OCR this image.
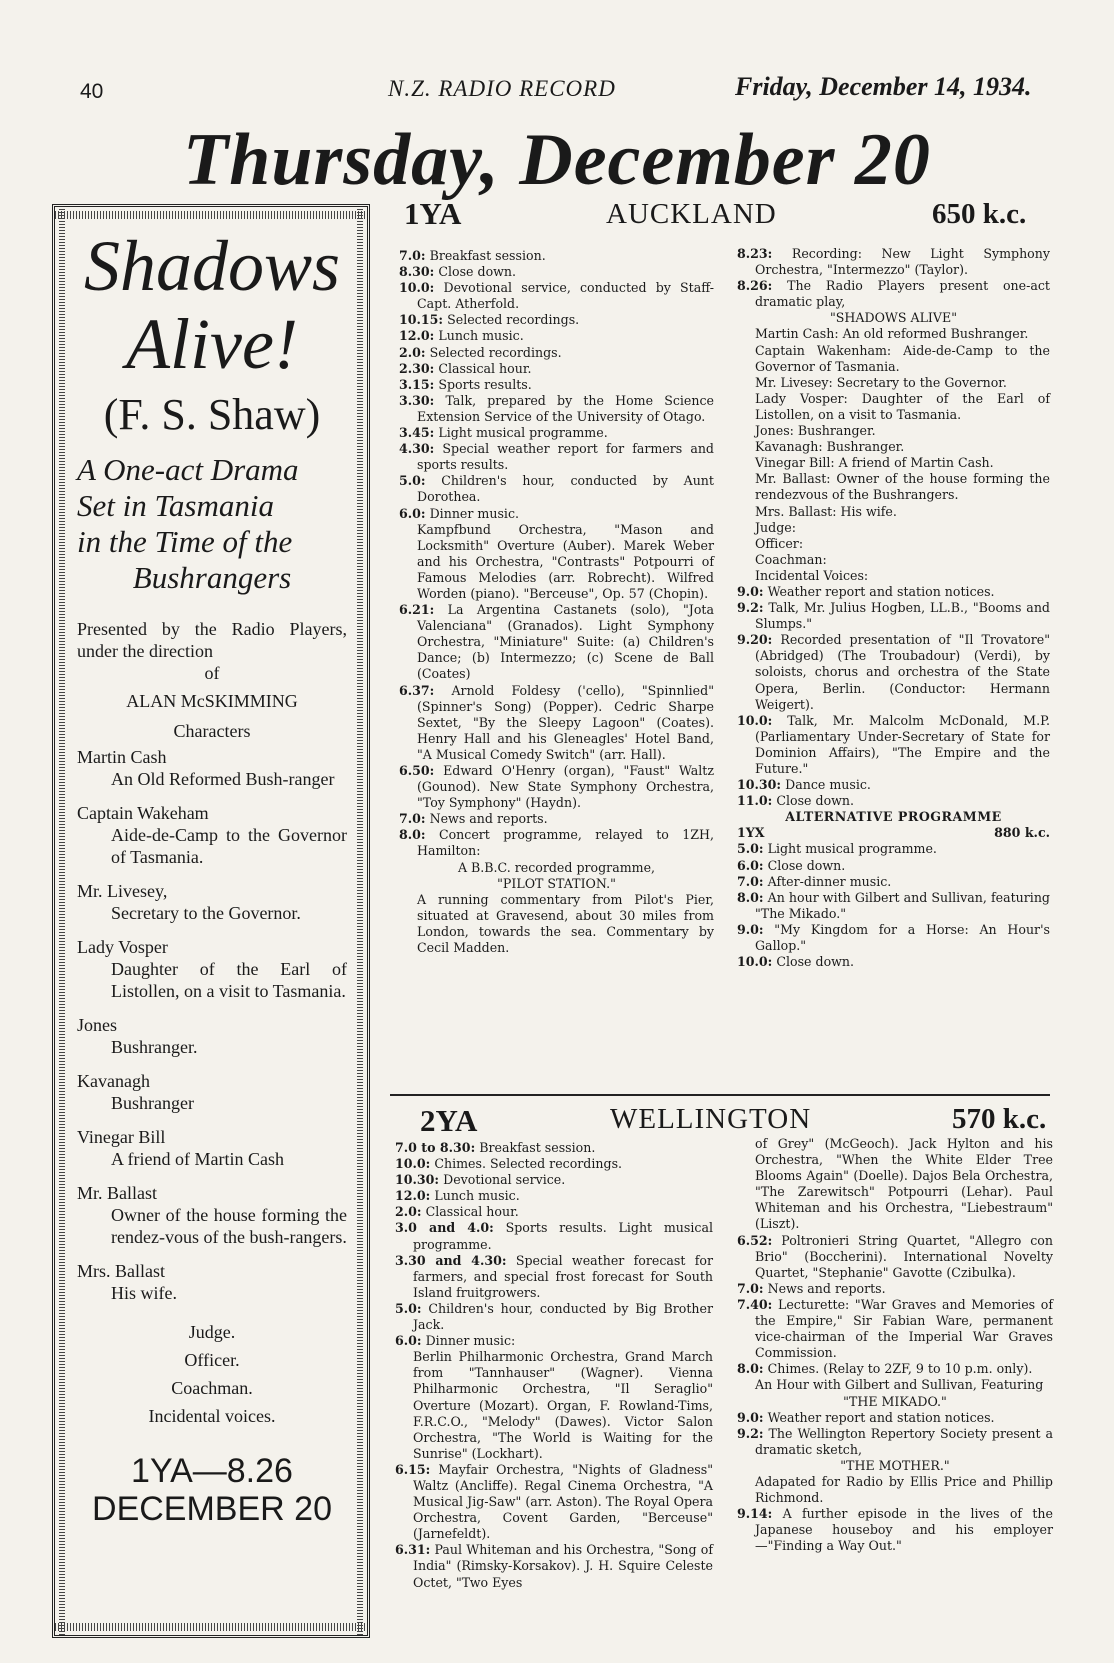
40	N.Z. RADIO RECORD	Friday, December 14, 1934.
Thursday, December 20

Shadows
Alive!

(F. S. Shaw)

A One-act Drama
Set in Tasmania
in the Time of the

Bushrangers

Presented by the Radio Players, under the direction
of
ALAN McSKIMMING
Characters
Martin Cash
An Old Reformed Bush-ranger
Captain Wakeham
Aide-de-Camp to the Governor of Tasmania.
Mr. Livesey,
Secretary to the Governor.
Lady Vosper
Daughter of the Earl of Listollen, on a visit to Tasmania.
Jones
Bushranger.
Kavanagh
Bushranger
Vinegar Bill
A friend of Martin Cash
Mr. Ballast
Owner of the house forming the rendez-vous of the bush-rangers.
Mrs. Ballast
His wife.
Judge.
Officer.
Coachman.
Incidental voices.
1YA—8.26
DECEMBER 20
1YA	AUCKLAND	650 k.c.
7.0: Breakfast session.
8.30: Close down.
10.0: Devotional service, conducted by Staff-Capt. Atherfold.
10.15: Selected recordings.
12.0: Lunch music.
2.0: Selected recordings.
2.30: Classical hour.
3.15: Sports results.
3.30: Talk, prepared by the Home Science Extension Service of the University of Otago.
3.45: Light musical programme.
4.30: Special weather report for farmers and sports results.
5.0: Children's hour, conducted by Aunt Dorothea.
6.0: Dinner music.
Kampfbund Orchestra, "Mason and Locksmith" Overture (Auber). Marek Weber and his Orchestra, "Contrasts" Potpourri of Famous Melodies (arr. Robrecht). Wilfred Worden (piano). "Berceuse", Op. 57 (Chopin).
6.21: La Argentina Castanets (solo), "Jota Valenciana" (Granados). Light Symphony Orchestra, "Miniature" Suite: (a) Children's Dance; (b) Intermezzo; (c) Scene de Ball (Coates)
6.37: Arnold Foldesy ('cello), "Spinnlied" (Spinner's Song) (Popper). Cedric Sharpe Sextet, "By the Sleepy Lagoon" (Coates). Henry Hall and his Gleneagles' Hotel Band, "A Musical Comedy Switch" (arr. Hall).
6.50: Edward O'Henry (organ), "Faust" Waltz (Gounod). New State Symphony Orchestra, "Toy Symphony" (Haydn).
7.0: News and reports.
8.0: Concert programme, relayed to 1ZH, Hamilton:
A B.B.C. recorded programme,
"PILOT STATION."
A running commentary from Pilot's Pier, situated at Gravesend, about 30 miles from London, towards the sea. Commentary by Cecil Madden.
8.23: Recording: New Light Symphony Orchestra, "Intermezzo" (Taylor).
8.26: The Radio Players present one-act dramatic play,
"SHADOWS ALIVE"
Martin Cash: An old reformed Bushranger.
Captain Wakenham: Aide-de-Camp to the Governor of Tasmania.
Mr. Livesey: Secretary to the Governor.
Lady Vosper: Daughter of the Earl of Listollen, on a visit to Tasmania.
Jones: Bushranger.
Kavanagh: Bushranger.
Vinegar Bill: A friend of Martin Cash.
Mr. Ballast: Owner of the house forming the rendezvous of the Bushrangers.
Mrs. Ballast: His wife.
Judge:
Officer:
Coachman:
Incidental Voices:
9.0: Weather report and station notices.
9.2: Talk, Mr. Julius Hogben, LL.B., "Booms and Slumps."
9.20: Recorded presentation of "Il Trovatore" (Abridged) (The Troubadour) (Verdi), by soloists, chorus and orchestra of the State Opera, Berlin. (Conductor: Hermann Weigert).
10.0: Talk, Mr. Malcolm McDonald, M.P. (Parliamentary Under-Secretary of State for Dominion Affairs), "The Empire and the Future."
10.30: Dance music.
11.0: Close down.
ALTERNATIVE PROGRAMME
1YX	880 k.c.
5.0: Light musical programme.
6.0: Close down.
7.0: After-dinner music.
8.0: An hour with Gilbert and Sullivan, featuring "The Mikado."
9.0: "My Kingdom for a Horse: An Hour's Gallop."
10.0: Close down.
2YA	WELLINGTON	570 k.c.
7.0 to 8.30: Breakfast session.
10.0: Chimes. Selected recordings.
10.30: Devotional service.
12.0: Lunch music.
2.0: Classical hour.
3.0 and 4.0: Sports results. Light musical programme.
3.30 and 4.30: Special weather forecast for farmers, and special frost forecast for South Island fruitgrowers.
5.0: Children's hour, conducted by Big Brother Jack.
6.0: Dinner music:
Berlin Philharmonic Orchestra, Grand March from "Tannhauser" (Wagner). Vienna Philharmonic Orchestra, "Il Seraglio" Overture (Mozart). Organ, F. Rowland-Tims, F.R.C.O., "Melody" (Dawes). Victor Salon Orchestra, "The World is Waiting for the Sunrise" (Lockhart).
6.15: Mayfair Orchestra, "Nights of Gladness" Waltz (Ancliffe). Regal Cinema Orchestra, "A Musical Jig-Saw" (arr. Aston). The Royal Opera Orchestra, Covent Garden, "Berceuse" (Jarnefeldt).
6.31: Paul Whiteman and his Orchestra, "Song of India" (Rimsky-Korsakov). J. H. Squire Celeste Octet, "Two Eyes
of Grey" (McGeoch). Jack Hylton and his Orchestra, "When the White Elder Tree Blooms Again" (Doelle). Dajos Bela Orchestra, "The Zarewitsch" Potpourri (Lehar). Paul Whiteman and his Orchestra, "Liebestraum" (Liszt).
6.52: Poltronieri String Quartet, "Allegro con Brio" (Boccherini). International Novelty Quartet, "Stephanie" Gavotte (Czibulka).
7.0: News and reports.
7.40: Lecturette: "War Graves and Memories of the Empire," Sir Fabian Ware, permanent vice-chairman of the Imperial War Graves Commission.
8.0: Chimes. (Relay to 2ZF, 9 to 10 p.m. only).
An Hour with Gilbert and Sullivan, Featuring
"THE MIKADO."
9.0: Weather report and station notices.
9.2: The Wellington Repertory Society present a dramatic sketch,
"THE MOTHER."
Adapated for Radio by Ellis Price and Phillip Richmond.
9.14: A further episode in the lives of the Japanese houseboy and his employer—"Finding a Way Out."
